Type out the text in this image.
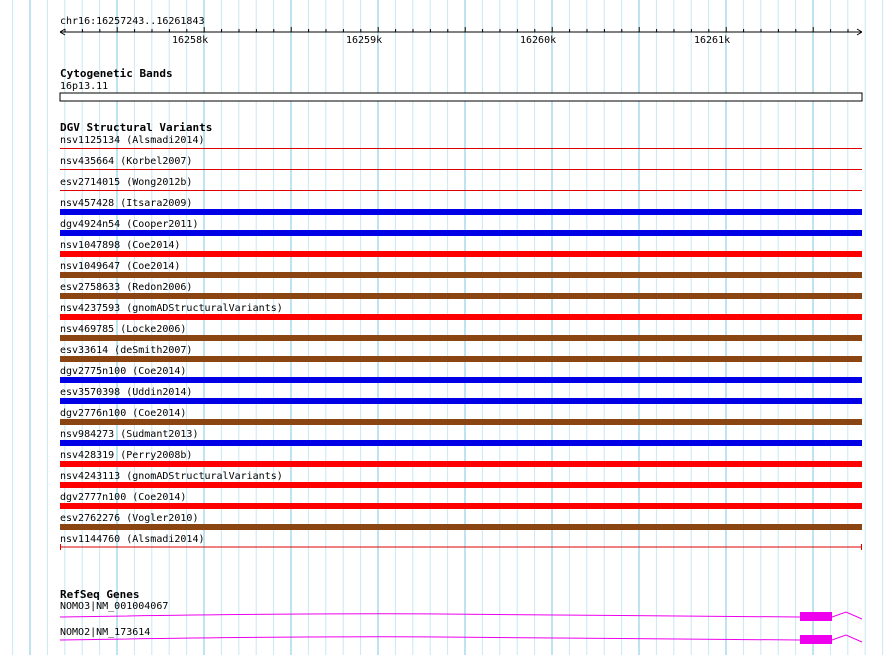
chr16:16257243..16261843
16258k	16259k	16260k	16261k
Cytogenetic Bands
16p13.11
DGV Structural Variants
nsv1125134 (Alsmadi2014)
nsv435664 (Korbel2007)
esv2714015 (Wong2012b)
nsv457428 (Itsara2009)
dgv4924n54 (Cooper2011)
nsv1047898 (Coe2014)
nsv1049647 (Coe2014)
esv2758633 (Redon2006)
nsv4237593 (gnomADStructuralVariants)
nsv469785 (Locke2006)
esv33614 (deSmith2007)
dgv2775n100 (Coe2014)
esv3570398 (Uddin2014)
dgv2776n100 (Coe2014)
nsv984273 (Sudmant2013)
nsv428319 (Perry2008b)
nsv4243113 (gnomADStructuralVariants)
dgv2777n100 (Coe2014)
esv2762276 (Vogler2010)
nsv1144760 (Alsmadi2014)
RefSeq Genes
NOMO3|NM_001004067
NOMO2|NM_173614
